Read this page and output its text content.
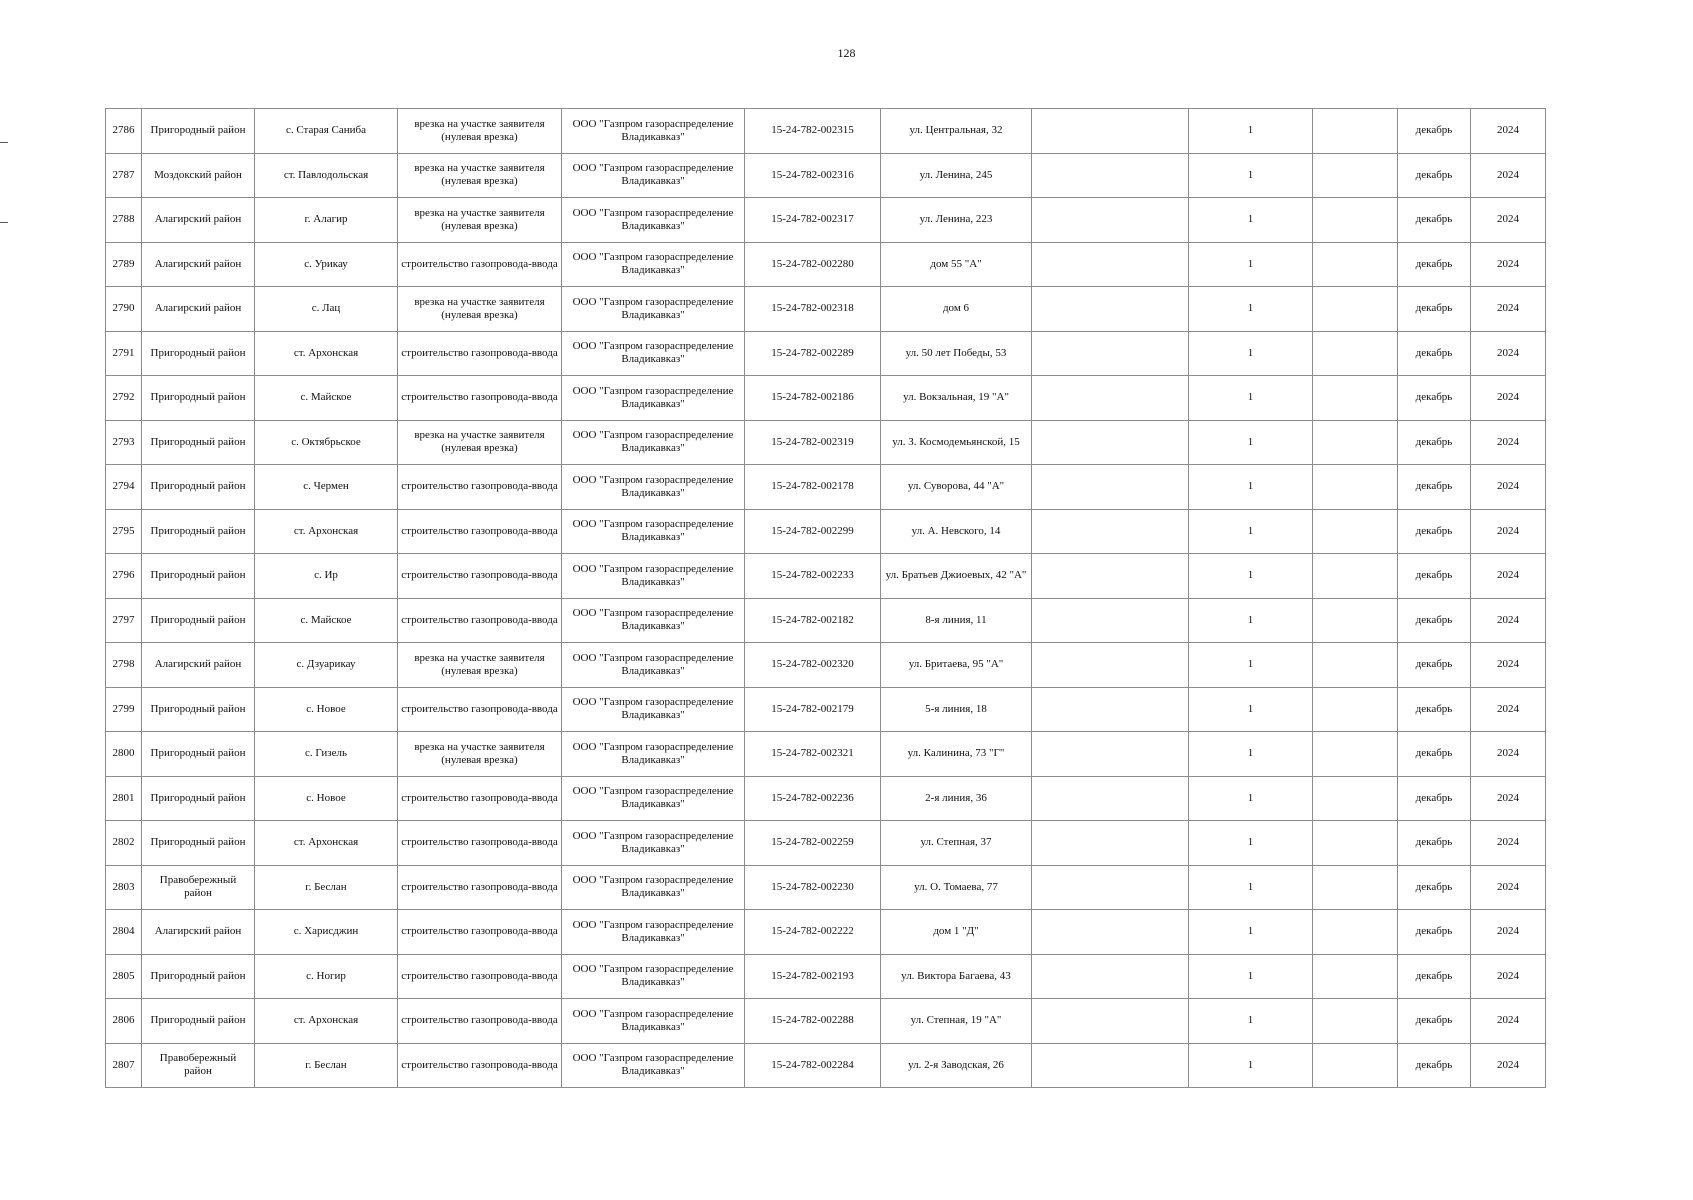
128
2786	Пригородный район	с. Старая Саниба	врезка на участке заявителя (нулевая врезка)	ООО "Газпром газораспределение Владикавказ"	15-24-782-002315	ул. Центральная, 32		1		декабрь	2024
2787	Моздокский район	ст. Павлодольская	врезка на участке заявителя (нулевая врезка)	ООО "Газпром газораспределение Владикавказ"	15-24-782-002316	ул. Ленина, 245		1		декабрь	2024
2788	Алагирский район	г. Алагир	врезка на участке заявителя (нулевая врезка)	ООО "Газпром газораспределение Владикавказ"	15-24-782-002317	ул. Ленина, 223		1		декабрь	2024
2789	Алагирский район	с. Урикау	строительство газопровода-ввода	ООО "Газпром газораспределение Владикавказ"	15-24-782-002280	дом 55 "А"		1		декабрь	2024
2790	Алагирский район	с. Лац	врезка на участке заявителя (нулевая врезка)	ООО "Газпром газораспределение Владикавказ"	15-24-782-002318	дом 6		1		декабрь	2024
2791	Пригородный район	ст. Архонская	строительство газопровода-ввода	ООО "Газпром газораспределение Владикавказ"	15-24-782-002289	ул. 50 лет Победы, 53		1		декабрь	2024
2792	Пригородный район	с. Майское	строительство газопровода-ввода	ООО "Газпром газораспределение Владикавказ"	15-24-782-002186	ул. Вокзальная, 19 "А"		1		декабрь	2024
2793	Пригородный район	с. Октябрьское	врезка на участке заявителя (нулевая врезка)	ООО "Газпром газораспределение Владикавказ"	15-24-782-002319	ул. З. Космодемьянской, 15		1		декабрь	2024
2794	Пригородный район	с. Чермен	строительство газопровода-ввода	ООО "Газпром газораспределение Владикавказ"	15-24-782-002178	ул. Суворова, 44 "А"		1		декабрь	2024
2795	Пригородный район	ст. Архонская	строительство газопровода-ввода	ООО "Газпром газораспределение Владикавказ"	15-24-782-002299	ул. А. Невского, 14		1		декабрь	2024
2796	Пригородный район	с. Ир	строительство газопровода-ввода	ООО "Газпром газораспределение Владикавказ"	15-24-782-002233	ул. Братьев Джиоевых, 42 "А"		1		декабрь	2024
2797	Пригородный район	с. Майское	строительство газопровода-ввода	ООО "Газпром газораспределение Владикавказ"	15-24-782-002182	8-я линия, 11		1		декабрь	2024
2798	Алагирский район	с. Дзуарикау	врезка на участке заявителя (нулевая врезка)	ООО "Газпром газораспределение Владикавказ"	15-24-782-002320	ул. Бритаева, 95 "А"		1		декабрь	2024
2799	Пригородный район	с. Новое	строительство газопровода-ввода	ООО "Газпром газораспределение Владикавказ"	15-24-782-002179	5-я линия, 18		1		декабрь	2024
2800	Пригородный район	с. Гизель	врезка на участке заявителя (нулевая врезка)	ООО "Газпром газораспределение Владикавказ"	15-24-782-002321	ул. Калинина, 73 "Г"		1		декабрь	2024
2801	Пригородный район	с. Новое	строительство газопровода-ввода	ООО "Газпром газораспределение Владикавказ"	15-24-782-002236	2-я линия, 36		1		декабрь	2024
2802	Пригородный район	ст. Архонская	строительство газопровода-ввода	ООО "Газпром газораспределение Владикавказ"	15-24-782-002259	ул. Степная, 37		1		декабрь	2024
2803	Правобережный район	г. Беслан	строительство газопровода-ввода	ООО "Газпром газораспределение Владикавказ"	15-24-782-002230	ул. О. Томаева, 77		1		декабрь	2024
2804	Алагирский район	с. Харисджин	строительство газопровода-ввода	ООО "Газпром газораспределение Владикавказ"	15-24-782-002222	дом 1 "Д"		1		декабрь	2024
2805	Пригородный район	с. Ногир	строительство газопровода-ввода	ООО "Газпром газораспределение Владикавказ"	15-24-782-002193	ул. Виктора Багаева, 43		1		декабрь	2024
2806	Пригородный район	ст. Архонская	строительство газопровода-ввода	ООО "Газпром газораспределение Владикавказ"	15-24-782-002288	ул. Степная, 19 "А"		1		декабрь	2024
2807	Правобережный район	г. Беслан	строительство газопровода-ввода	ООО "Газпром газораспределение Владикавказ"	15-24-782-002284	ул. 2-я Заводская, 26		1		декабрь	2024
